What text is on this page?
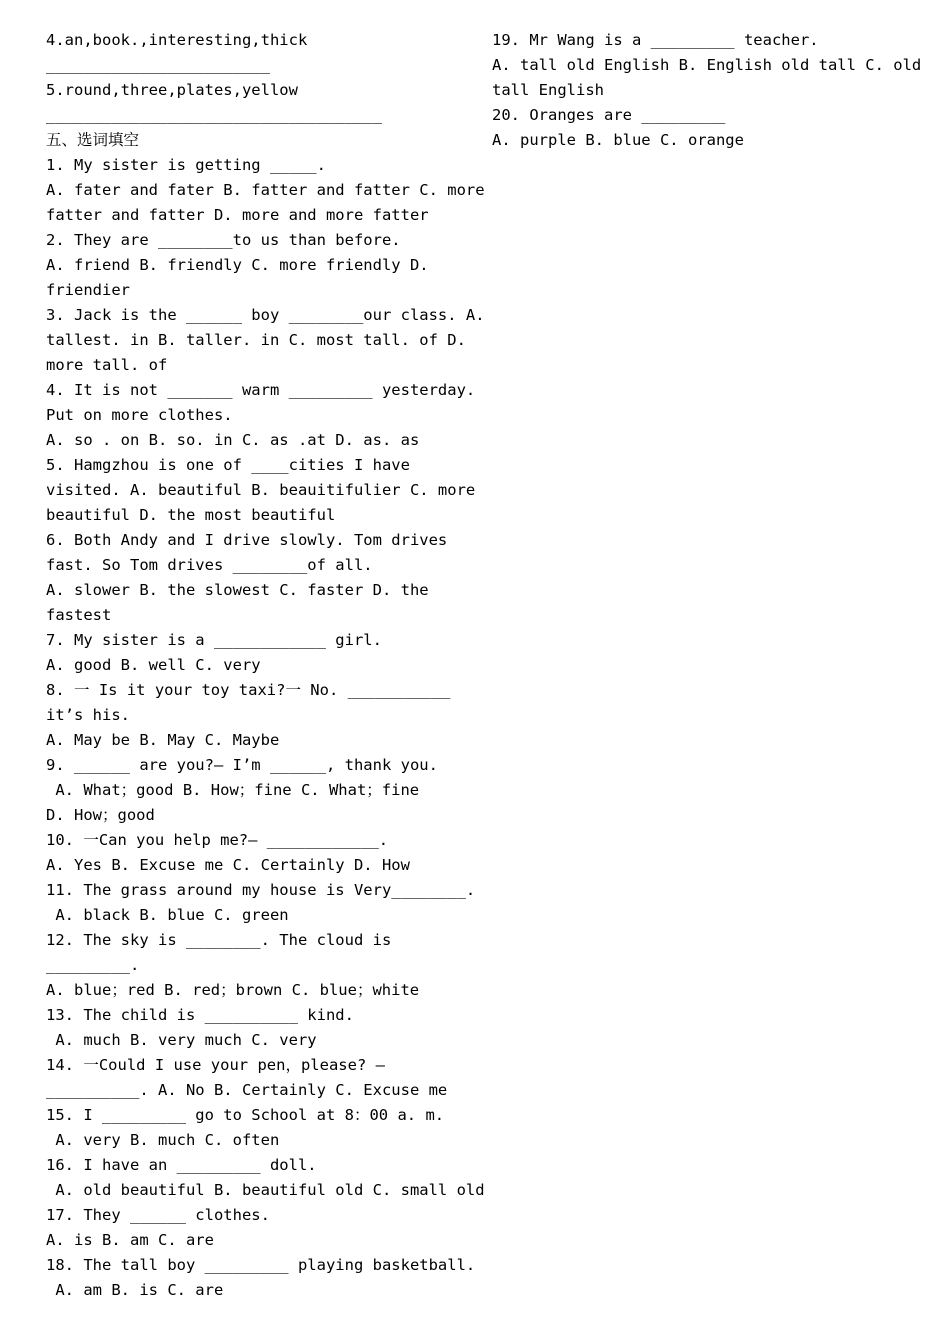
4.an,book.,interesting,thick
________________________
5.round,three,plates,yellow
____________________________________
五、选词填空
1. My sister is getting _____.
A. fater and fater B. fatter and fatter C. more
fatter and fatter D. more and more fatter
2. They are ________to us than before.
A. friend B. friendly C. more friendly D.
friendier
3. Jack is the ______ boy ________our class. A.
tallest. in B. taller. in C. most tall. of D.
more tall. of
4. It is not _______ warm _________ yesterday.
Put on more clothes.
A. so . on B. so. in C. as .at D. as. as
5. Hamgzhou is one of ____cities I have
visited. A. beautiful B. beauitifulier C. more
beautiful D. the most beautiful
6. Both Andy and I drive slowly. Tom drives
fast. So Tom drives ________of all.
A. slower B. the slowest C. faster D. the
fastest
7. My sister is a ____________ girl.
A. good B. well C. very
8. 一 Is it your toy taxi?一 No. ___________
it’s his.
A. May be B. May C. Maybe
9. ______ are you?— I’m ______, thank you.
A. What；good B. How；fine C. What；fine
D. How；good
10. 一Can you help me?— ____________.
A. Yes B. Excuse me C. Certainly D. How
11. The grass around my house is Very________.
A. black B. blue C. green
12. The sky is ________. The cloud is
_________.
A. blue；red B. red；brown C. blue；white
13. The child is __________ kind.
A. much B. very much C. very
14. 一Could I use your pen，please? —
__________. A. No B. Certainly C. Excuse me
15. I _________ go to School at 8：00 a. m.
A. very B. much C. often
16. I have an _________ doll.
A. old beautiful B. beautiful old C. small old
17. They ______ clothes.
A. is B. am C. are
18. The tall boy _________ playing basketball.
A. am B. is C. are
19. Mr Wang is a _________ teacher.
A. tall old English B. English old tall C. old
tall English
20. Oranges are _________
A. purple B. blue C. orange
